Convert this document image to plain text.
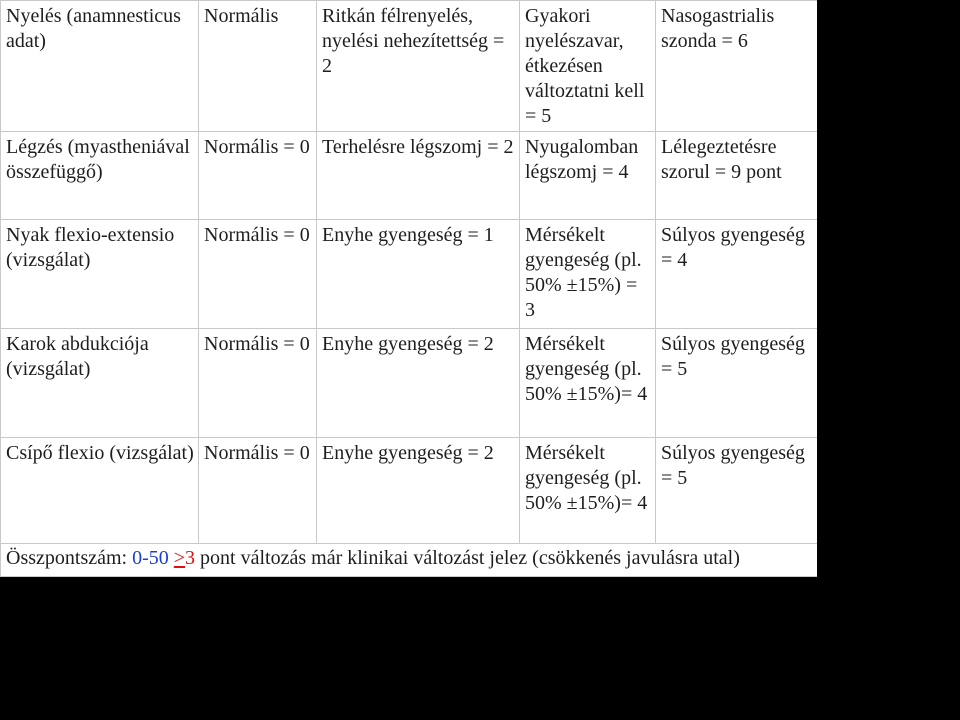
Nyelés (anamnesticus adat)	Normális	Ritkán félrenyelés, nyelési nehezítettség = 2	Gyakori nyelészavar, étkezésen változtatni kell = 5	Nasogastrialis szonda = 6
Légzés (myastheniával összefüggő)	Normális = 0	Terhelésre légszomj = 2	Nyugalomban légszomj = 4	Lélegeztetésre szorul = 9 pont
Nyak flexio-extensio (vizsgálat)	Normális = 0	Enyhe gyengeség = 1	Mérsékelt gyengeség (pl. 50% ±15%) = 3	Súlyos gyengeség = 4
Karok abdukciója (vizsgálat)	Normális = 0	Enyhe gyengeség = 2	Mérsékelt gyengeség (pl. 50% ±15%)= 4	Súlyos gyengeség = 5
Csípő flexio (vizsgálat)	Normális = 0	Enyhe gyengeség = 2	Mérsékelt gyengeség (pl. 50% ±15%)= 4	Súlyos gyengeség = 5
Összpontszám: 0-50 >3 pont változás már klinikai változást jelez (csökkenés javulásra utal)				
